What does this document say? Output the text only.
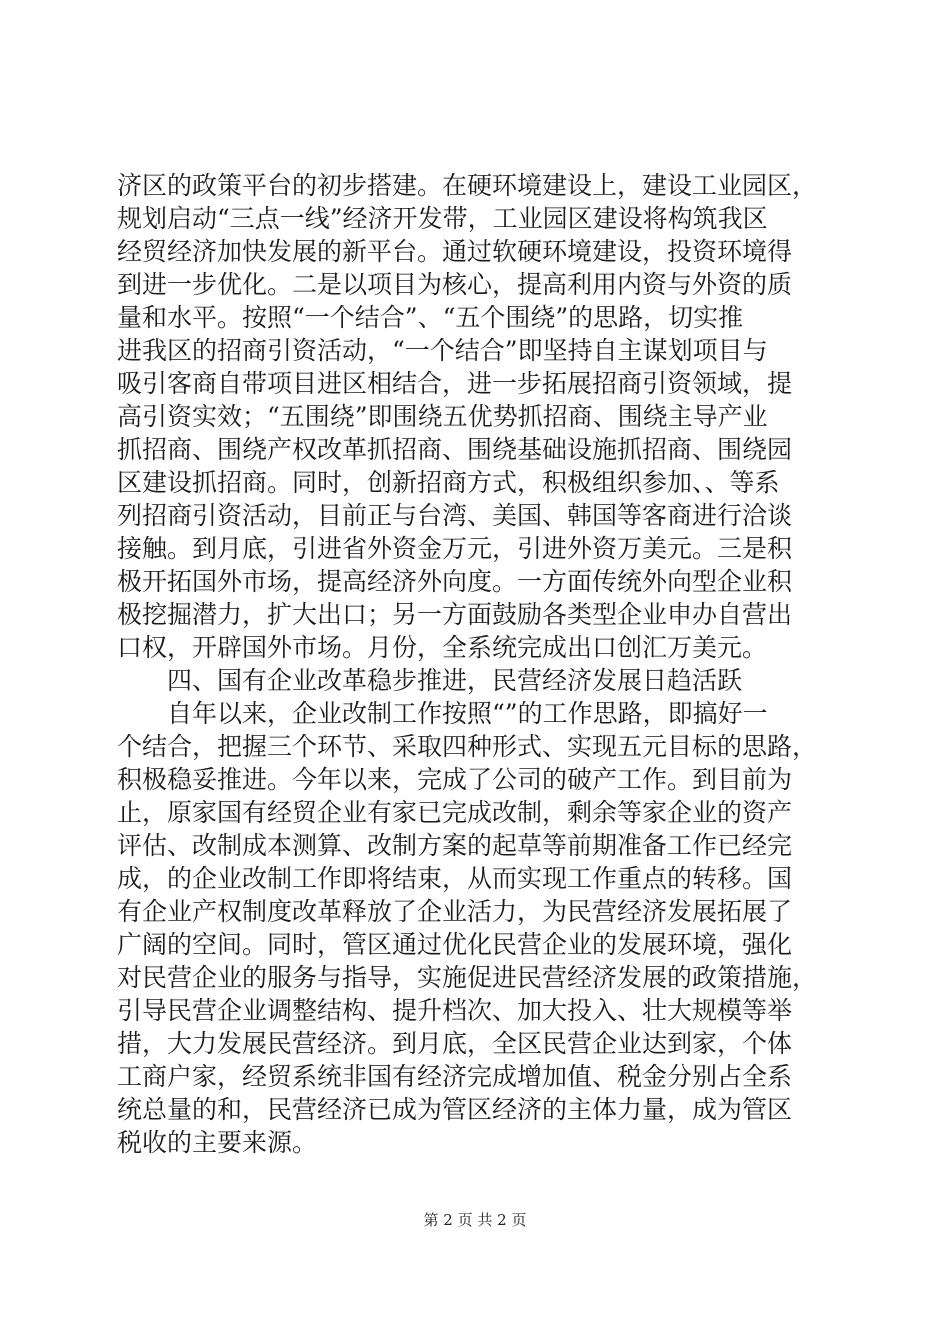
济区的政策平台的初步搭建。在硬环境建设上，建设工业园区，
规划启动“三点一线”经济开发带，工业园区建设将构筑我区
经贸经济加快发展的新平台。通过软硬环境建设，投资环境得
到进一步优化。二是以项目为核心，提高利用内资与外资的质
量和水平。按照“一个结合”、“五个围绕”的思路，切实推
进我区的招商引资活动，“一个结合”即坚持自主谋划项目与
吸引客商自带项目进区相结合，进一步拓展招商引资领域，提
高引资实效；“五围绕”即围绕五优势抓招商、围绕主导产业
抓招商、围绕产权改革抓招商、围绕基础设施抓招商、围绕园
区建设抓招商。同时，创新招商方式，积极组织参加、、等系
列招商引资活动，目前正与台湾、美国、韩国等客商进行洽谈
接触。到月底，引进省外资金万元，引进外资万美元。三是积
极开拓国外市场，提高经济外向度。一方面传统外向型企业积
极挖掘潜力，扩大出口；另一方面鼓励各类型企业申办自营出
口权，开辟国外市场。月份，全系统完成出口创汇万美元。
　　四、国有企业改革稳步推进，民营经济发展日趋活跃
　　自年以来，企业改制工作按照“”的工作思路，即搞好一
个结合，把握三个环节、采取四种形式、实现五元目标的思路，
积极稳妥推进。今年以来，完成了公司的破产工作。到目前为
止，原家国有经贸企业有家已完成改制，剩余等家企业的资产
评估、改制成本测算、改制方案的起草等前期准备工作已经完
成，的企业改制工作即将结束，从而实现工作重点的转移。国
有企业产权制度改革释放了企业活力，为民营经济发展拓展了
广阔的空间。同时，管区通过优化民营企业的发展环境，强化
对民营企业的服务与指导，实施促进民营经济发展的政策措施，
引导民营企业调整结构、提升档次、加大投入、壮大规模等举
措，大力发展民营经济。到月底，全区民营企业达到家，个体
工商户家，经贸系统非国有经济完成增加值、税金分别占全系
统总量的和，民营经济已成为管区经济的主体力量，成为管区
税收的主要来源。
第 2 页 共 2 页
